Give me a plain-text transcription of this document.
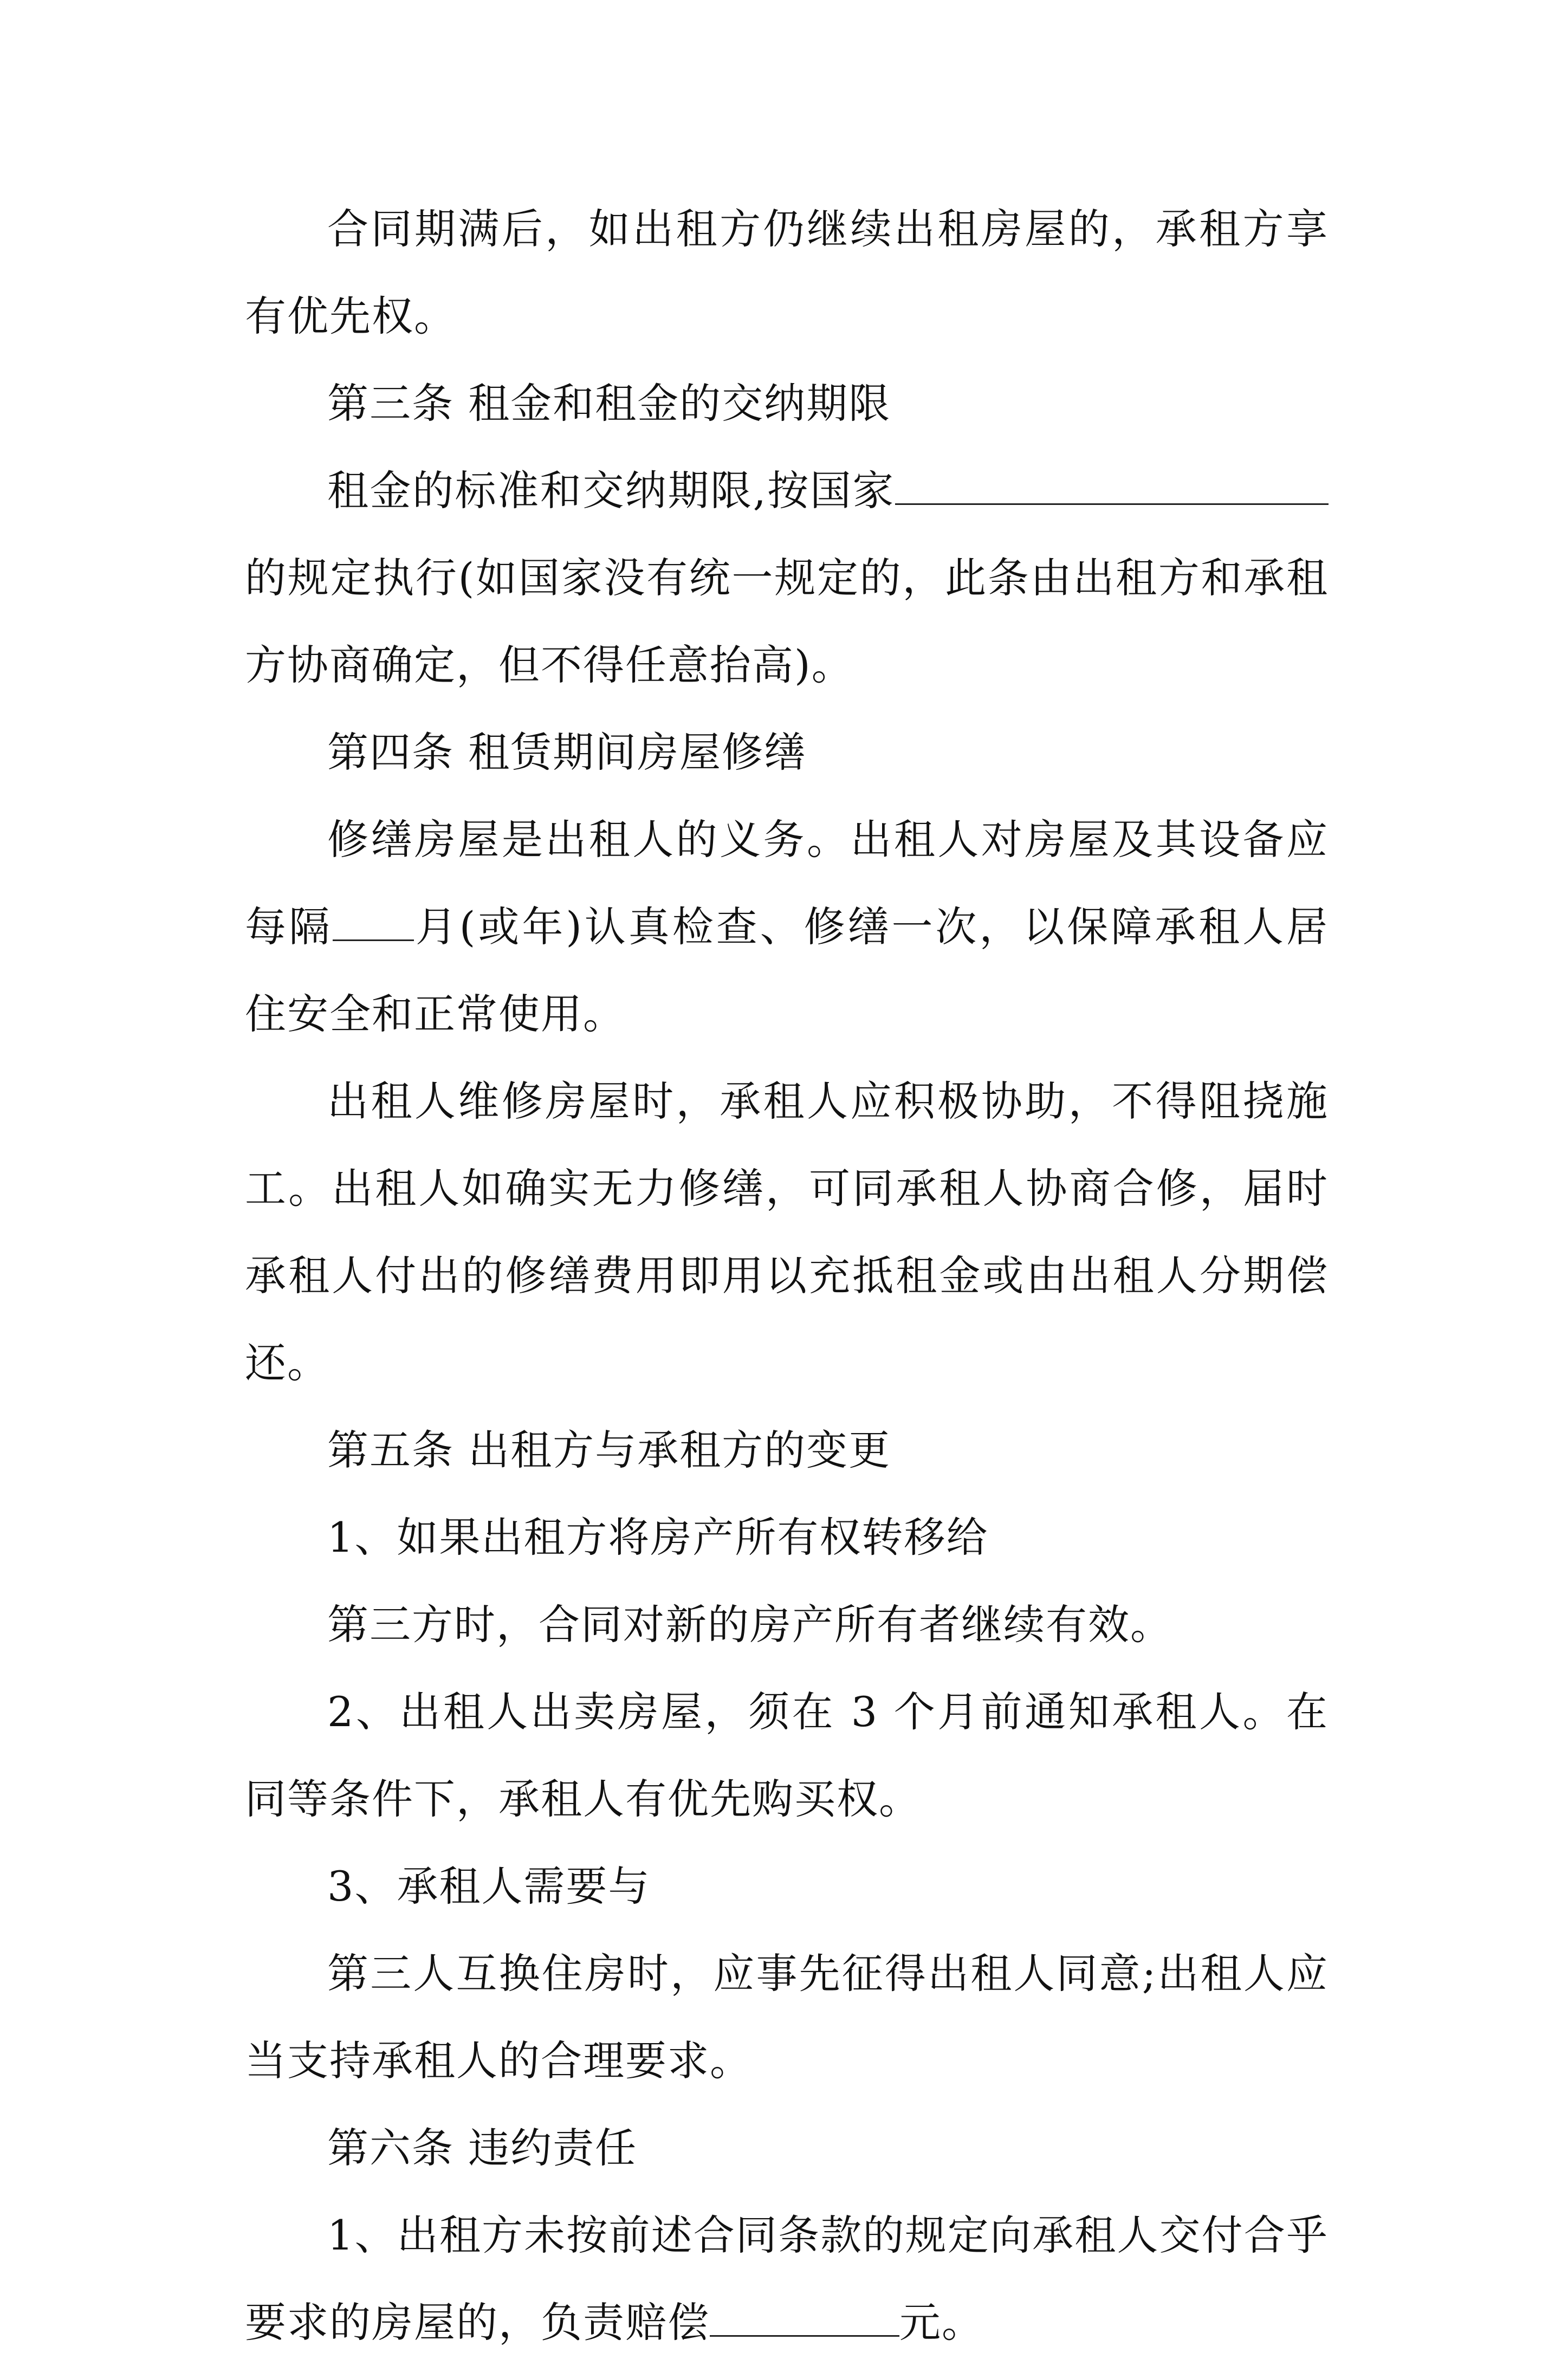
合同期满后，如出租方仍继续出租房屋的，承租方享有优先权。

第三条 租金和租金的交纳期限

租金的标准和交纳期限,按国家的规定执行(如国家没有统一规定的，此条由出租方和承租方协商确定，但不得任意抬高)。

第四条 租赁期间房屋修缮

修缮房屋是出租人的义务。出租人对房屋及其设备应每隔 月(或年)认真检查、修缮一次，以保障承租人居住安全和正常使用。

出租人维修房屋时，承租人应积极协助，不得阻挠施工。出租人如确实无力修缮，可同承租人协商合修，届时承租人付出的修缮费用即用以充抵租金或由出租人分期偿还。

第五条 出租方与承租方的变更

1、如果出租方将房产所有权转移给

第三方时，合同对新的房产所有者继续有效。

2、出租人出卖房屋，须在 3 个月前通知承租人。在同等条件下，承租人有优先购买权。

3、承租人需要与

第三人互换住房时，应事先征得出租人同意;出租人应当支持承租人的合理要求。

第六条 违约责任

1、出租方未按前述合同条款的规定向承租人交付合乎要求的房屋的，负责赔偿	元。
